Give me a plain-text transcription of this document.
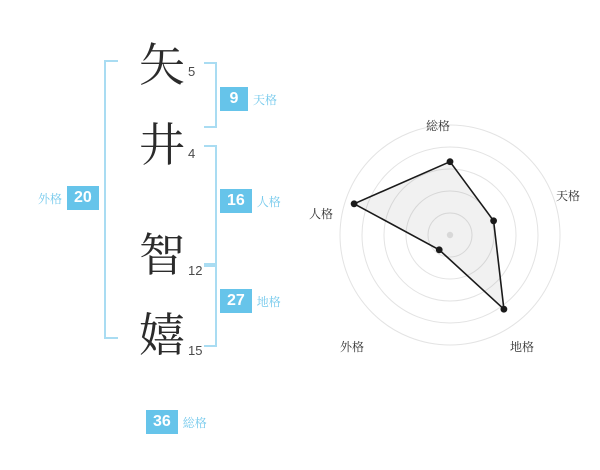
外格 20
矢 5
井 4
智 12
嬉 15
9	天格
16	人格
27	地格
36	総格
総格
天格
地格
外格
人格
